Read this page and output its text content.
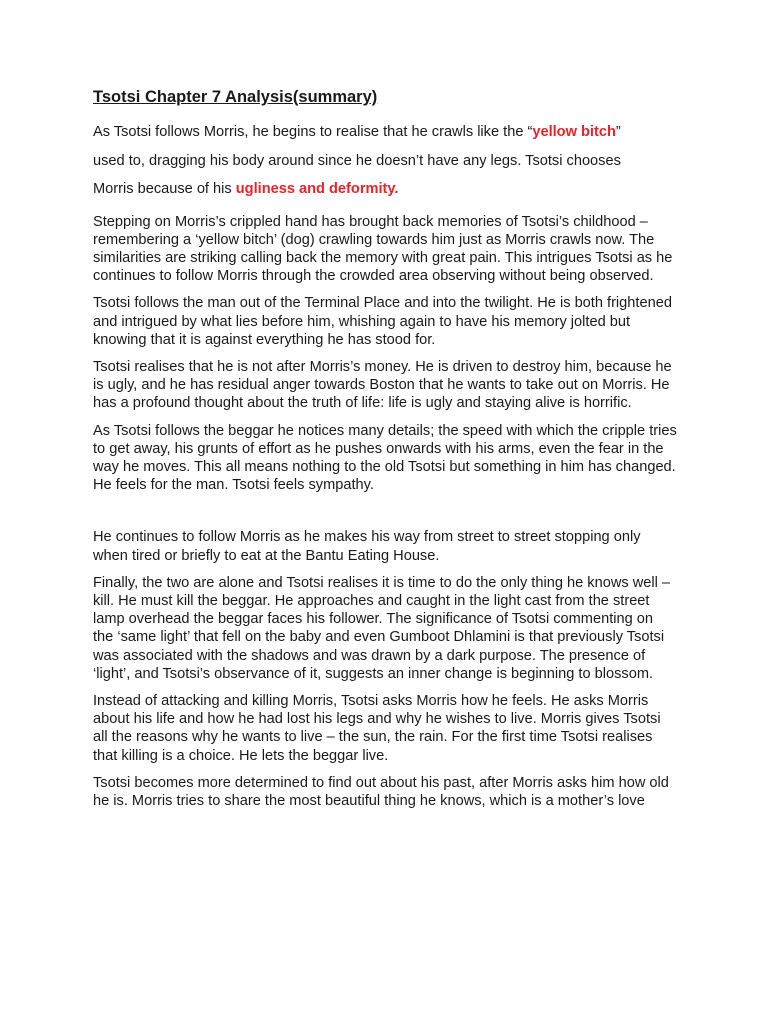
Tsotsi Chapter 7 Analysis(summary)

As Tsotsi follows Morris, he begins to realise that he crawls like the “yellow bitch”

used to, dragging his body around since he doesn’t have any legs. Tsotsi chooses

Morris because of his ugliness and deformity.

Stepping on Morris’s crippled hand has brought back memories of Tsotsi’s childhood – remembering a ‘yellow bitch’ (dog) crawling towards him just as Morris crawls now. The similarities are striking calling back the memory with great pain. This intrigues Tsotsi as he continues to follow Morris through the crowded area observing without being observed.

Tsotsi follows the man out of the Terminal Place and into the twilight. He is both frightened and intrigued by what lies before him, whishing again to have his memory jolted but knowing that it is against everything he has stood for.

Tsotsi realises that he is not after Morris’s money. He is driven to destroy him, because he is ugly, and he has residual anger towards Boston that he wants to take out on Morris. He has a profound thought about the truth of life: life is ugly and staying alive is horrific.

As Tsotsi follows the beggar he notices many details; the speed with which the cripple tries to get away, his grunts of effort as he pushes onwards with his arms, even the fear in the way he moves. This all means nothing to the old Tsotsi but something in him has changed. He feels for the man. Tsotsi feels sympathy.

He continues to follow Morris as he makes his way from street to street stopping only when tired or briefly to eat at the Bantu Eating House.

Finally, the two are alone and Tsotsi realises it is time to do the only thing he knows well – kill. He must kill the beggar. He approaches and caught in the light cast from the street lamp overhead the beggar faces his follower. The significance of Tsotsi commenting on the ‘same light’ that fell on the baby and even Gumboot Dhlamini is that previously Tsotsi was associated with the shadows and was drawn by a dark purpose. The presence of ‘light’, and Tsotsi’s observance of it, suggests an inner change is beginning to blossom.

Instead of attacking and killing Morris, Tsotsi asks Morris how he feels. He asks Morris about his life and how he had lost his legs and why he wishes to live. Morris gives Tsotsi all the reasons why he wants to live – the sun, the rain. For the first time Tsotsi realises that killing is a choice. He lets the beggar live.

Tsotsi becomes more determined to find out about his past, after Morris asks him how old he is. Morris tries to share the most beautiful thing he knows, which is a mother’s love
